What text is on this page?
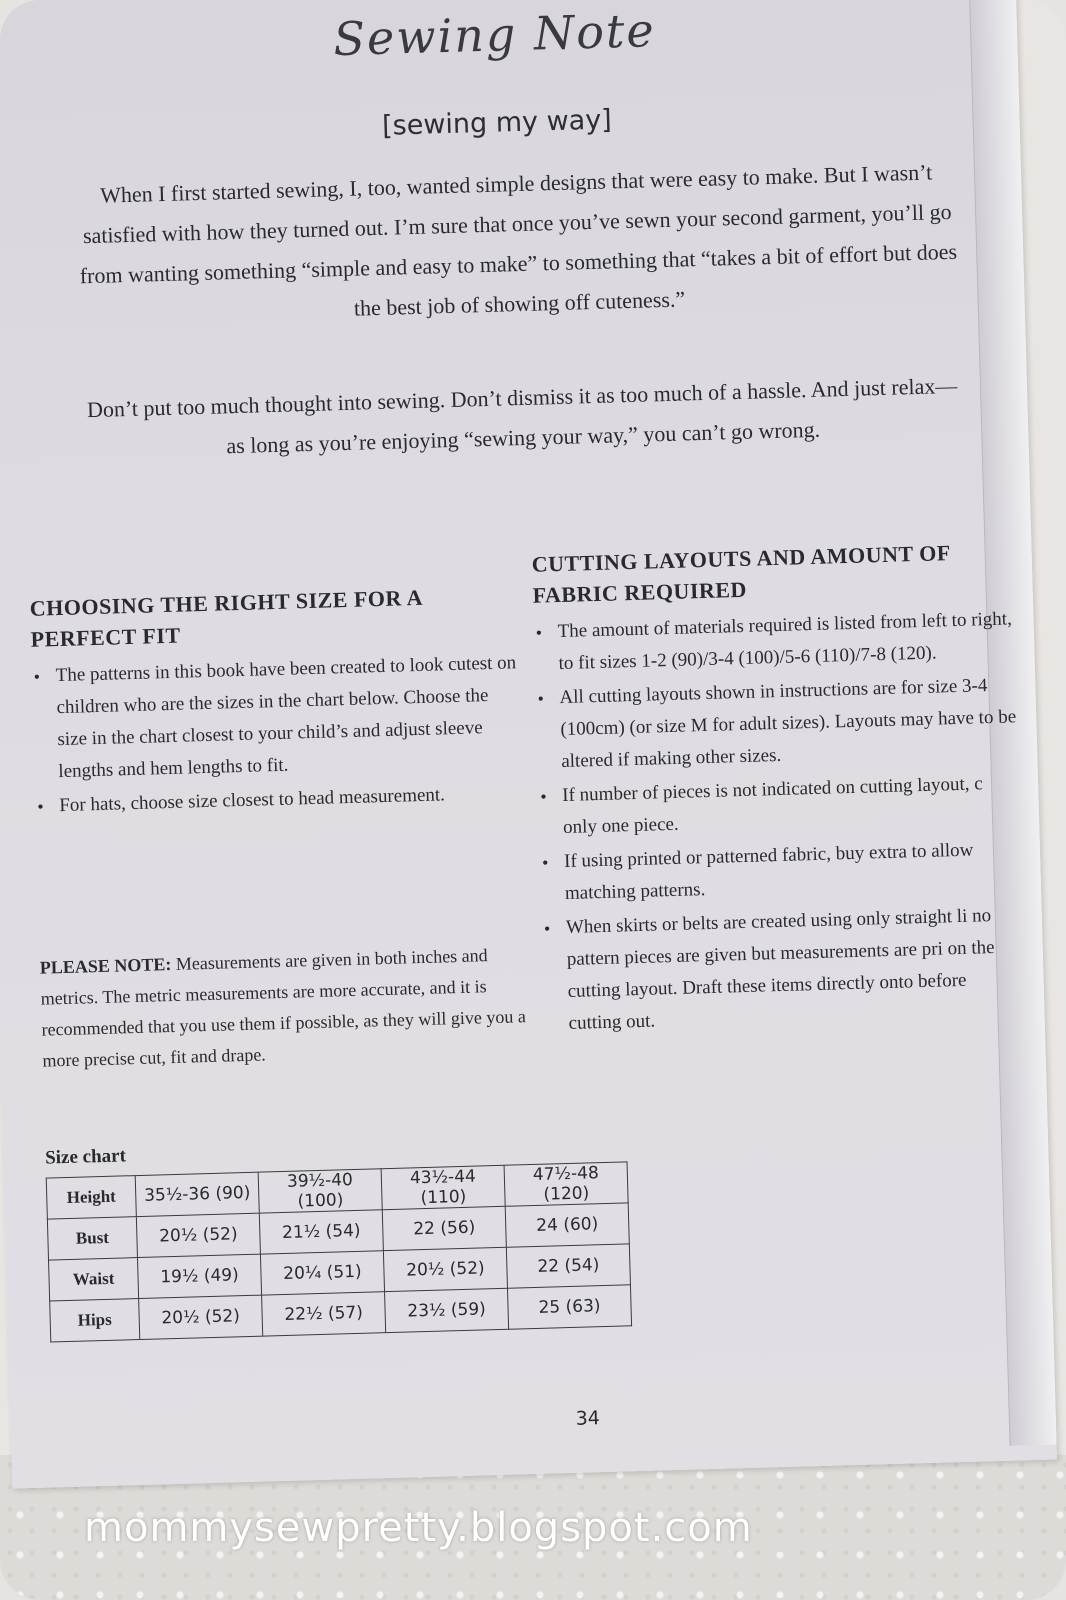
Sewing Note
[sewing my way]

When I first started sewing, I, too, wanted simple designs that were easy to make. But I wasn’t satisfied with how they turned out. I’m sure that once you’ve sewn your second garment, you’ll go from wanting something “simple and easy to make” to something that “takes a bit of effort but does the best job of showing off cuteness.”

Don’t put too much thought into sewing. Don’t dismiss it as too much of a hassle. And just relax—as long as you’re enjoying “sewing your way,” you can’t go wrong.

CHOOSING THE RIGHT SIZE FOR A PERFECT FIT
• The patterns in this book have been created to look cutest on children who are the sizes in the chart below. Choose the size in the chart closest to your child’s and adjust sleeve lengths and hem lengths to fit.
• For hats, choose size closest to head measurement.
CUTTING LAYOUTS AND AMOUNT OF FABRIC REQUIRED
• The amount of materials required is listed from left to right, to fit sizes 1-2 (90)/3-4 (100)/5-6 (110)/7-8 (120).
• All cutting layouts shown in instructions are for size 3-4 (100cm) (or size M for adult sizes). Layouts may have to be altered if making other sizes.
• If number of pieces is not indicated on cutting layout, c only one piece.
• If using printed or patterned fabric, buy extra to allow matching patterns.
• When skirts or belts are created using only straight li no pattern pieces are given but measurements are pri on the cutting layout. Draft these items directly onto before cutting out.
PLEASE NOTE: Measurements are given in both inches and metrics. The metric measurements are more accurate, and it is recommended that you use them if possible, as they will give you a more precise cut, fit and drape.
Size chart
Height	35½-36 (90)	39½-40 (100)	43½-44 (110)	47½-48 (120)
Bust	20½ (52)	21½ (54)	22 (56)	24 (60)
Waist	19½ (49)	20¼ (51)	20½ (52)	22 (54)
Hips	20½ (52)	22½ (57)	23½ (59)	25 (63)
34
mommysewpretty.blogspot.com
